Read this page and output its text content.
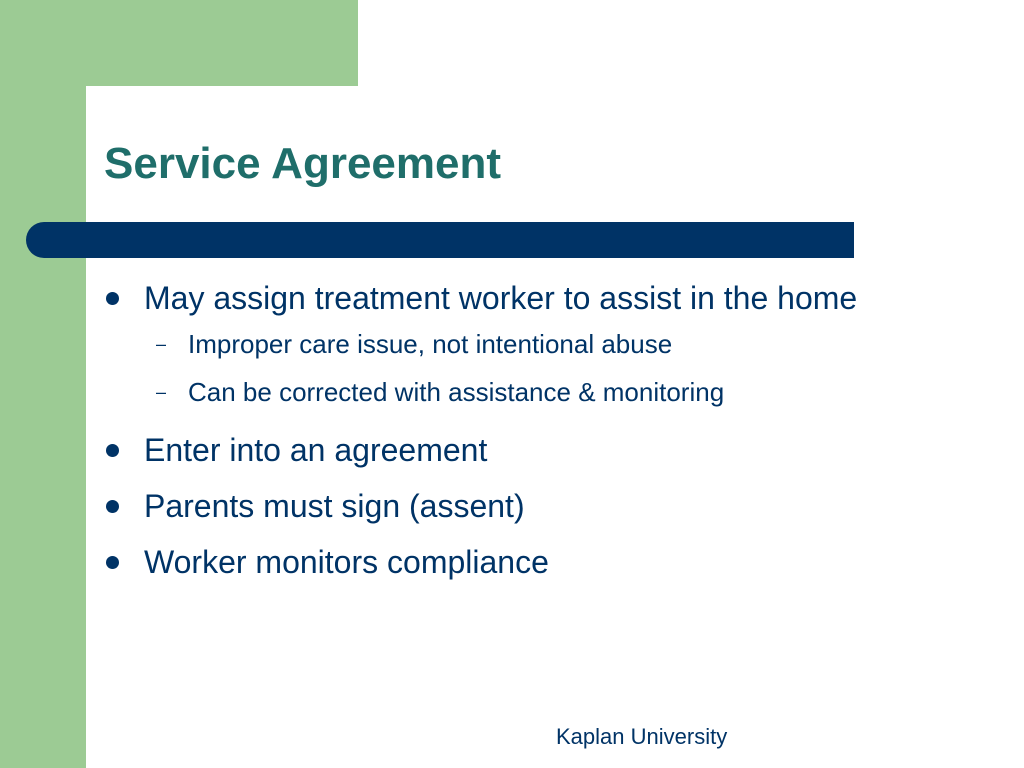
Service Agreement
May assign treatment worker to assist in the home
– Improper care issue, not intentional abuse
– Can be corrected with assistance & monitoring
Enter into an agreement
Parents must sign (assent)
Worker monitors compliance
Kaplan University
